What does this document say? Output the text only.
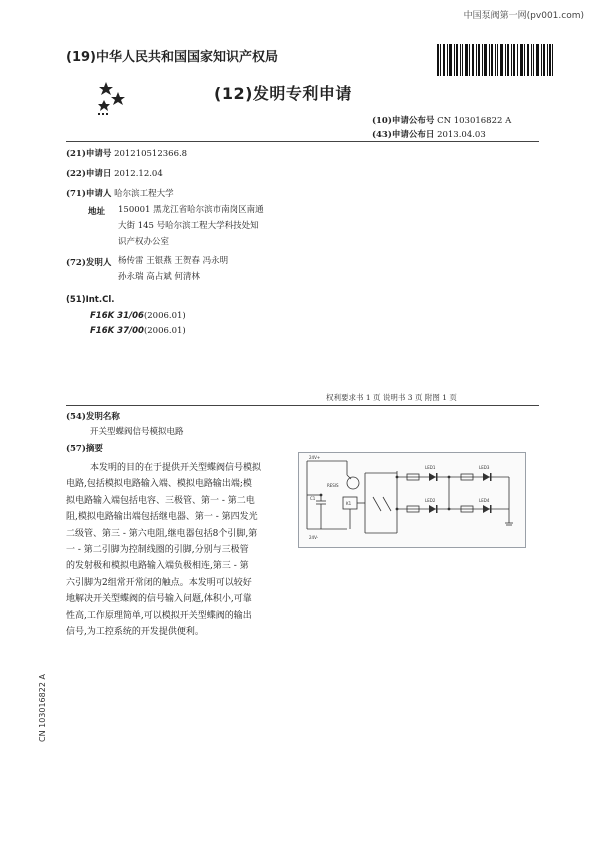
中国泵阀第一网(pv001.com)
(19)中华人民共和国国家知识产权局
(12)发明专利申请
(10)申请公布号 CN 103016822 A
(43)申请公布日 2013.04.03
(21)申请号 201210512366.8
(22)申请日 2012.12.04
(71)申请人 哈尔滨工程大学
地址 150001 黑龙江省哈尔滨市南岗区南通
大街 145 号哈尔滨工程大学科技处知
识产权办公室
(72)发明人 杨传雷 王银燕 王贺春 冯永明
孙永瑞 高占斌 何清林
(51)Int.Cl.
F16K 31/06(2006.01)
F16K 37/00(2006.01)
权利要求书 1 页 说明书 3 页 附图 1 页
(54)发明名称
开关型蝶阀信号模拟电路
(57)摘要
本发明的目的在于提供开关型蝶阀信号模拟
电路,包括模拟电路输入端、模拟电路输出端;模
拟电路输入端包括电容、三极管、第一 - 第二电
阻,模拟电路输出端包括继电器、第一 - 第四发光
二级管、第三 - 第六电阻,继电器包括8个引脚,第
一 - 第二引脚为控制线圈的引脚,分别与三极管
的发射极和模拟电路输入端负极相连,第三 - 第
六引脚为2组常开常闭的触点。本发明可以较好
地解决开关型蝶阀的信号输入问题,体积小,可靠
性高,工作原理简单,可以模拟开关型蝶阀的输出
信号,为工控系统的开发提供便利。
24V+
RESIS
C1
24V-
K1
LED1
LED2
LED3
LED4
CN 103016822 A
